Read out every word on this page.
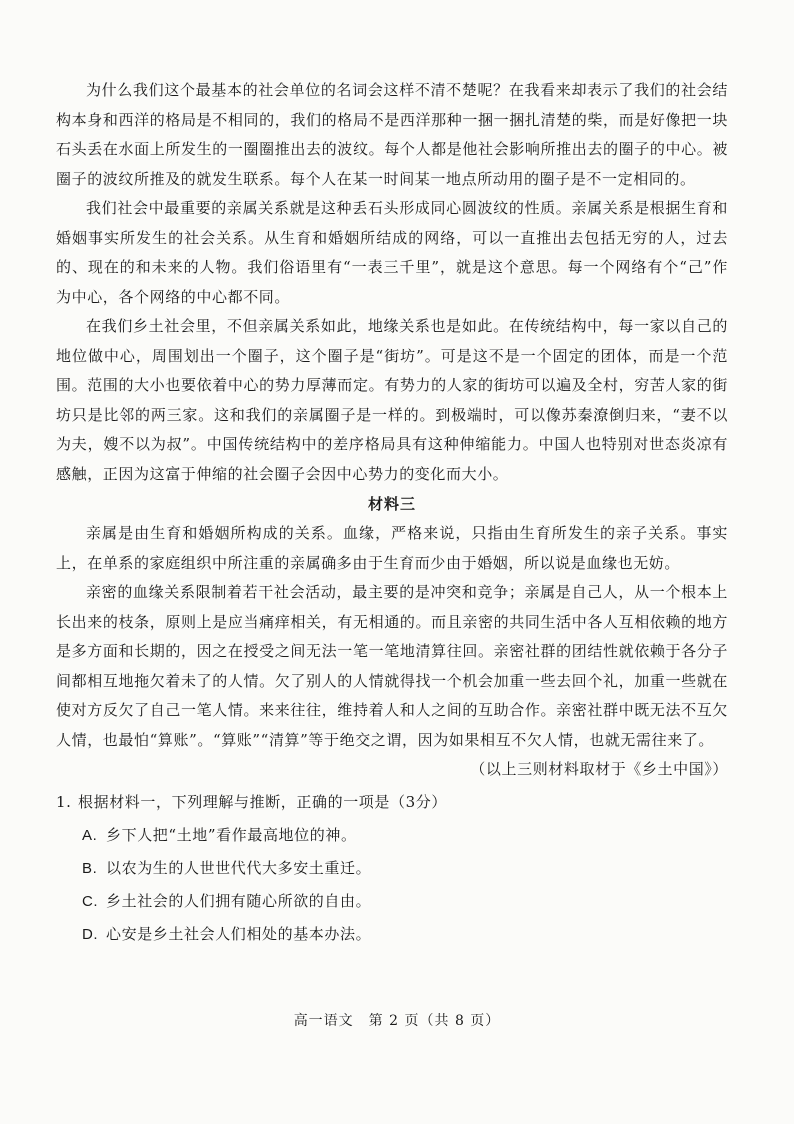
为什么我们这个最基本的社会单位的名词会这样不清不楚呢？在我看来却表示了我们的社会结构本身和西洋的格局是不相同的，我们的格局不是西洋那种一捆一捆扎清楚的柴，而是好像把一块石头丢在水面上所发生的一圈圈推出去的波纹。每个人都是他社会影响所推出去的圈子的中心。被圈子的波纹所推及的就发生联系。每个人在某一时间某一地点所动用的圈子是不一定相同的。

我们社会中最重要的亲属关系就是这种丢石头形成同心圆波纹的性质。亲属关系是根据生育和婚姻事实所发生的社会关系。从生育和婚姻所结成的网络，可以一直推出去包括无穷的人，过去的、现在的和未来的人物。我们俗语里有“一表三千里”，就是这个意思。每一个网络有个“己”作为中心，各个网络的中心都不同。

在我们乡土社会里，不但亲属关系如此，地缘关系也是如此。在传统结构中，每一家以自己的地位做中心，周围划出一个圈子，这个圈子是“街坊”。可是这不是一个固定的团体，而是一个范围。范围的大小也要依着中心的势力厚薄而定。有势力的人家的街坊可以遍及全村，穷苦人家的街坊只是比邻的两三家。这和我们的亲属圈子是一样的。到极端时，可以像苏秦潦倒归来，“妻不以为夫，嫂不以为叔”。中国传统结构中的差序格局具有这种伸缩能力。中国人也特别对世态炎凉有感触，正因为这富于伸缩的社会圈子会因中心势力的变化而大小。

材料三

亲属是由生育和婚姻所构成的关系。血缘，严格来说，只指由生育所发生的亲子关系。事实上，在单系的家庭组织中所注重的亲属确多由于生育而少由于婚姻，所以说是血缘也无妨。

亲密的血缘关系限制着若干社会活动，最主要的是冲突和竞争；亲属是自己人，从一个根本上长出来的枝条，原则上是应当痛痒相关，有无相通的。而且亲密的共同生活中各人互相依赖的地方是多方面和长期的，因之在授受之间无法一笔一笔地清算往回。亲密社群的团结性就依赖于各分子间都相互地拖欠着未了的人情。欠了别人的人情就得找一个机会加重一些去回个礼，加重一些就在使对方反欠了自己一笔人情。来来往往，维持着人和人之间的互助合作。亲密社群中既无法不互欠人情，也最怕“算账”。“算账”“清算”等于绝交之谓，因为如果相互不欠人情，也就无需往来了。

（以上三则材料取材于《乡土中国》）

1. 根据材料一，下列理解与推断，正确的一项是（3分）

A. 乡下人把“土地”看作最高地位的神。
B. 以农为生的人世世代代大多安土重迁。
C. 乡土社会的人们拥有随心所欲的自由。
D. 心安是乡土社会人们相处的基本办法。
高一语文　第 2 页（共 8 页）
